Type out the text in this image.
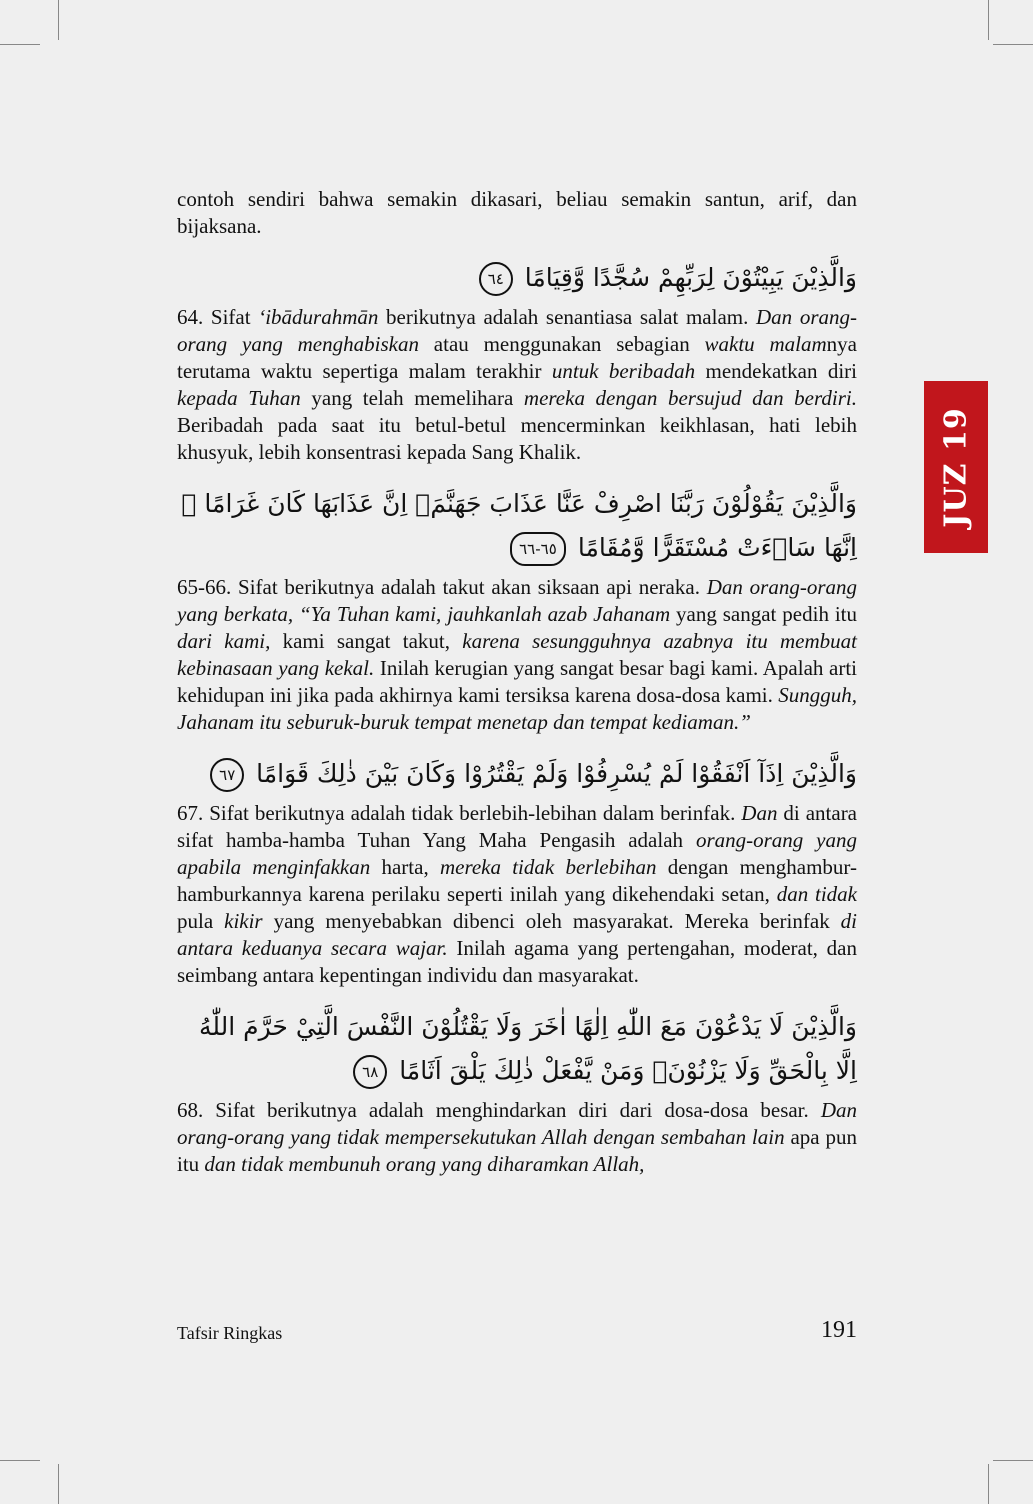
JUZ 19

contoh sendiri bahwa semakin dikasari, beliau semakin santun, arif, dan bijaksana.

وَالَّذِيْنَ يَبِيْتُوْنَ لِرَبِّهِمْ سُجَّدًا وَّقِيَامًا ٦٤

64. Sifat ʻibādurahmān berikutnya adalah senantiasa salat malam. Dan orang-orang yang menghabiskan atau menggunakan sebagian waktu malamnya terutama waktu sepertiga malam terakhir untuk beribadah mendekatkan diri kepada Tuhan yang telah memelihara mereka dengan bersujud dan berdiri. Beribadah pada saat itu betul-betul mencerminkan keikhlasan, hati lebih khusyuk, lebih konsentrasi kepada Sang Khalik.

وَالَّذِيْنَ يَقُوْلُوْنَ رَبَّنَا اصْرِفْ عَنَّا عَذَابَ جَهَنَّمَۖ اِنَّ عَذَابَهَا كَانَ غَرَامًا ۖ اِنَّهَا سَاۤءَتْ مُسْتَقَرًّا وَّمُقَامًا ٦٥-٦٦

65-66. Sifat berikutnya adalah takut akan siksaan api neraka. Dan orang-orang yang berkata, “Ya Tuhan kami, jauhkanlah azab Jahanam yang sangat pedih itu dari kami, kami sangat takut, karena sesungguhnya azabnya itu membuat kebinasaan yang kekal. Inilah kerugian yang sangat besar bagi kami. Apalah arti kehidupan ini jika pada akhirnya kami tersiksa karena dosa-dosa kami. Sungguh, Jahanam itu seburuk-buruk tempat menetap dan tempat kediaman.”

وَالَّذِيْنَ اِذَآ اَنْفَقُوْا لَمْ يُسْرِفُوْا وَلَمْ يَقْتُرُوْا وَكَانَ بَيْنَ ذٰلِكَ قَوَامًا ٦٧

67. Sifat berikutnya adalah tidak berlebih-lebihan dalam berinfak. Dan di antara sifat hamba-hamba Tuhan Yang Maha Pengasih adalah orang-orang yang apabila menginfakkan harta, mereka tidak berlebihan dengan menghambur-hamburkannya karena perilaku seperti inilah yang dikehendaki setan, dan tidak pula kikir yang menyebabkan dibenci oleh masyarakat. Mereka berinfak di antara keduanya secara wajar. Inilah agama yang pertengahan, moderat, dan seimbang antara kepentingan individu dan masyarakat.

وَالَّذِيْنَ لَا يَدْعُوْنَ مَعَ اللّٰهِ اِلٰهًا اٰخَرَ وَلَا يَقْتُلُوْنَ النَّفْسَ الَّتِيْ حَرَّمَ اللّٰهُ اِلَّا بِالْحَقِّ وَلَا يَزْنُوْنَۚ وَمَنْ يَّفْعَلْ ذٰلِكَ يَلْقَ اَثَامًا ٦٨

68. Sifat berikutnya adalah menghindarkan diri dari dosa-dosa besar. Dan orang-orang yang tidak mempersekutukan Allah dengan sembahan lain apa pun itu dan tidak membunuh orang yang diharamkan Allah,

Tafsir Ringkas	191
